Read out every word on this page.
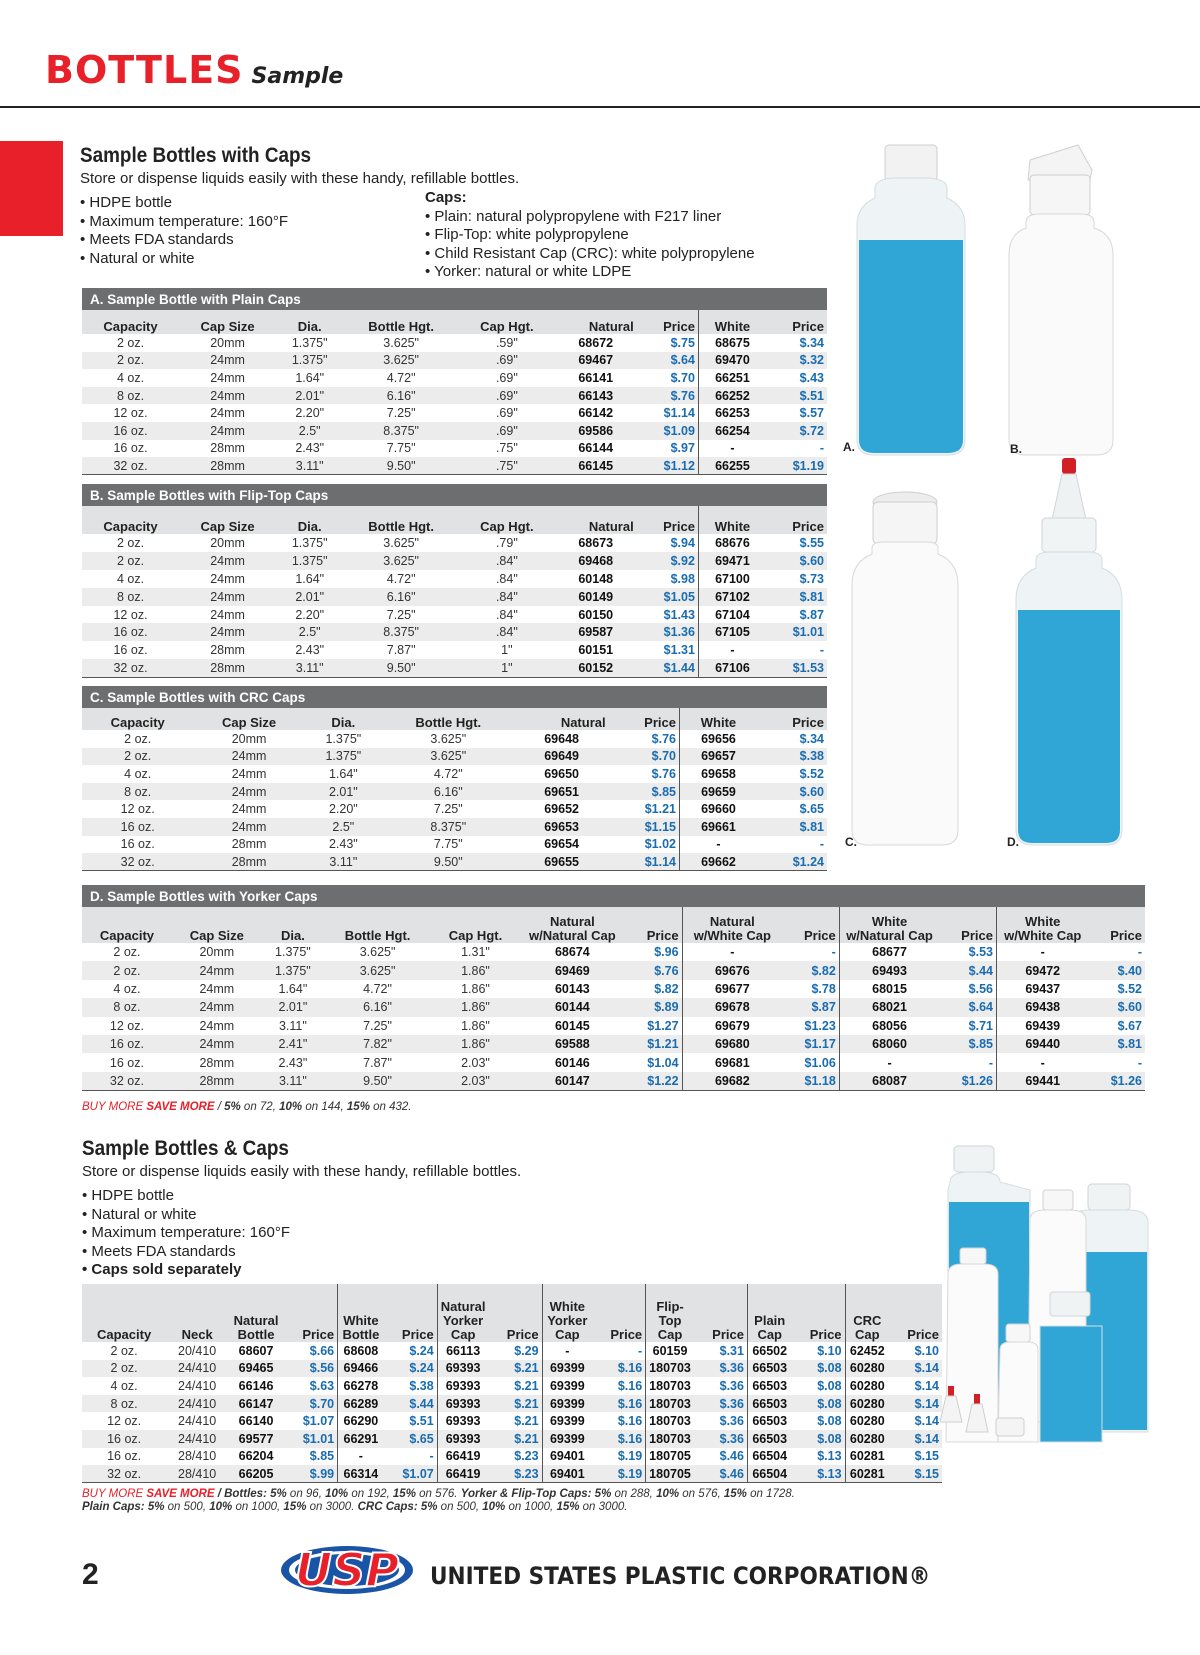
BOTTLES Sample
Sample Bottles with Caps
Store or dispense liquids easily with these handy, refillable bottles.
• HDPE bottle
• Maximum temperature: 160°F
• Meets FDA standards
• Natural or white
Caps:
• Plain: natural polypropylene with F217 liner
• Flip-Top: white polypropylene
• Child Resistant Cap (CRC): white polypropylene
• Yorker: natural or white LDPE
A. Sample Bottle with Plain Caps								
Capacity	Cap Size	Dia.	Bottle Hgt.	Cap Hgt.	Natural	Price	White	Price
2 oz.	20mm	1.375"	3.625"	.59"	68672	$.75	68675	$.34
2 oz.	24mm	1.375"	3.625"	.69"	69467	$.64	69470	$.32
4 oz.	24mm	1.64"	4.72"	.69"	66141	$.70	66251	$.43
8 oz.	24mm	2.01"	6.16"	.69"	66143	$.76	66252	$.51
12 oz.	24mm	2.20"	7.25"	.69"	66142	$1.14	66253	$.57
16 oz.	24mm	2.5"	8.375"	.69"	69586	$1.09	66254	$.72
16 oz.	28mm	2.43"	7.75"	.75"	66144	$.97	-	-
32 oz.	28mm	3.11"	9.50"	.75"	66145	$1.12	66255	$1.19
B. Sample Bottles with Flip-Top Caps								
Capacity	Cap Size	Dia.	Bottle Hgt.	Cap Hgt.	Natural	Price	White	Price
2 oz.	20mm	1.375"	3.625"	.79"	68673	$.94	68676	$.55
2 oz.	24mm	1.375"	3.625"	.84"	69468	$.92	69471	$.60
4 oz.	24mm	1.64"	4.72"	.84"	60148	$.98	67100	$.73
8 oz.	24mm	2.01"	6.16"	.84"	60149	$1.05	67102	$.81
12 oz.	24mm	2.20"	7.25"	.84"	60150	$1.43	67104	$.87
16 oz.	24mm	2.5"	8.375"	.84"	69587	$1.36	67105	$1.01
16 oz.	28mm	2.43"	7.87"	1"	60151	$1.31	-	-
32 oz.	28mm	3.11"	9.50"	1"	60152	$1.44	67106	$1.53
C. Sample Bottles with CRC Caps							
Capacity	Cap Size	Dia.	Bottle Hgt.	Natural	Price	White	Price
2 oz.	20mm	1.375"	3.625"	69648	$.76	69656	$.34
2 oz.	24mm	1.375"	3.625"	69649	$.70	69657	$.38
4 oz.	24mm	1.64"	4.72"	69650	$.76	69658	$.52
8 oz.	24mm	2.01"	6.16"	69651	$.85	69659	$.60
12 oz.	24mm	2.20"	7.25"	69652	$1.21	69660	$.65
16 oz.	24mm	2.5"	8.375"	69653	$1.15	69661	$.81
16 oz.	28mm	2.43"	7.75"	69654	$1.02	-	-
32 oz.	28mm	3.11"	9.50"	69655	$1.14	69662	$1.24
D. Sample Bottles with Yorker Caps												
Capacity	Cap Size	Dia.	Bottle Hgt.	Cap Hgt.	Natural w/Natural Cap	Price	Natural w/White Cap	Price	White w/Natural Cap	Price	White w/White Cap	Price
2 oz.	20mm	1.375"	3.625"	1.31"	68674	$.96	-	-	68677	$.53	-	-
2 oz.	24mm	1.375"	3.625"	1.86"	69469	$.76	69676	$.82	69493	$.44	69472	$.40
4 oz.	24mm	1.64"	4.72"	1.86"	60143	$.82	69677	$.78	68015	$.56	69437	$.52
8 oz.	24mm	2.01"	6.16"	1.86"	60144	$.89	69678	$.87	68021	$.64	69438	$.60
12 oz.	24mm	3.11"	7.25"	1.86"	60145	$1.27	69679	$1.23	68056	$.71	69439	$.67
16 oz.	24mm	2.41"	7.82"	1.86"	69588	$1.21	69680	$1.17	68060	$.85	69440	$.81
16 oz.	28mm	2.43"	7.87"	2.03"	60146	$1.04	69681	$1.06	-	-	-	-
32 oz.	28mm	3.11"	9.50"	2.03"	60147	$1.22	69682	$1.18	68087	$1.26	69441	$1.26
BUY MORE SAVE MORE / 5% on 72, 10% on 144, 15% on 432.
A.	B.
C.	D.
Sample Bottles & Caps
Store or dispense liquids easily with these handy, refillable bottles.
• HDPE bottle
• Natural or white
• Maximum temperature: 160°F
• Meets FDA standards
• Caps sold separately
Capacity	Neck	Natural Bottle	Price	White Bottle	Price	Natural Yorker Cap	Price	White Yorker Cap	Price	Flip-Top Cap	Price	Plain Cap	Price	CRC Cap	Price
2 oz.	20/410	68607	$.66	68608	$.24	66113	$.29	-	-	60159	$.31	66502	$.10	62452	$.10
2 oz.	24/410	69465	$.56	69466	$.24	69393	$.21	69399	$.16	180703	$.36	66503	$.08	60280	$.14
4 oz.	24/410	66146	$.63	66278	$.38	69393	$.21	69399	$.16	180703	$.36	66503	$.08	60280	$.14
8 oz.	24/410	66147	$.70	66289	$.44	69393	$.21	69399	$.16	180703	$.36	66503	$.08	60280	$.14
12 oz.	24/410	66140	$1.07	66290	$.51	69393	$.21	69399	$.16	180703	$.36	66503	$.08	60280	$.14
16 oz.	24/410	69577	$1.01	66291	$.65	69393	$.21	69399	$.16	180703	$.36	66503	$.08	60280	$.14
16 oz.	28/410	66204	$.85	-	-	66419	$.23	69401	$.19	180705	$.46	66504	$.13	60281	$.15
32 oz.	28/410	66205	$.99	66314	$1.07	66419	$.23	69401	$.19	180705	$.46	66504	$.13	60281	$.15
BUY MORE SAVE MORE / Bottles: 5% on 96, 10% on 192, 15% on 576. Yorker & Flip-Top Caps: 5% on 288, 10% on 576, 15% on 1728.
Plain Caps: 5% on 500, 10% on 1000, 15% on 3000. CRC Caps: 5% on 500, 10% on 1000, 15% on 3000.
2	USP UNITED STATES PLASTIC CORPORATION®
